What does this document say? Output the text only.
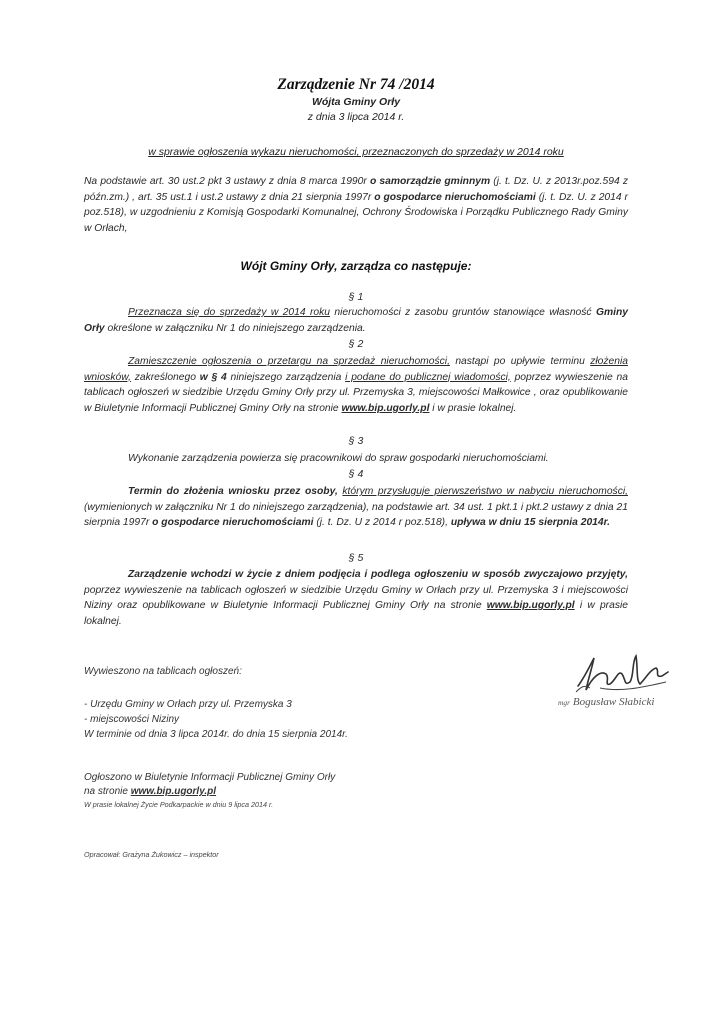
Zarządzenie Nr 74 /2014
Wójta Gminy Orły
z dnia 3 lipca 2014 r.
w sprawie ogłoszenia wykazu nieruchomości, przeznaczonych do sprzedaży w 2014 roku
Na podstawie art. 30 ust.2 pkt 3 ustawy z dnia 8 marca 1990r o samorządzie gminnym (j. t. Dz. U. z 2013r.poz.594 z późn.zm.) , art. 35 ust.1 i ust.2 ustawy z dnia 21 sierpnia 1997r o gospodarce nieruchomościami (j. t. Dz. U. z 2014 r poz.518), w uzgodnieniu z Komisją Gospodarki Komunalnej, Ochrony Środowiska i Porządku Publicznego Rady Gminy w Orłach,
Wójt Gminy Orły, zarządza co następuje:
§ 1
Przeznacza się do sprzedaży w 2014 roku nieruchomości z zasobu gruntów stanowiące własność Gminy Orły określone w załączniku Nr 1 do niniejszego zarządzenia.
§ 2
Zamieszczenie ogłoszenia o przetargu na sprzedaż nieruchomości, nastąpi po upływie terminu złożenia wniosków, zakreślonego w § 4 niniejszego zarządzenia i podane do publicznej wiadomości, poprzez wywieszenie na tablicach ogłoszeń w siedzibie Urzędu Gminy Orły przy ul. Przemyska 3, miejscowości Małkowice , oraz opublikowanie w Biuletynie Informacji Publicznej Gminy Orły na stronie www.bip.ugorly.pl i w prasie lokalnej.
§ 3
Wykonanie zarządzenia powierza się pracownikowi do spraw gospodarki nieruchomościami.
§ 4
Termin do złożenia wniosku przez osoby, którym przysługuje pierwszeństwo w nabyciu nieruchomości, (wymienionych w załączniku Nr 1 do niniejszego zarządzenia), na podstawie art. 34 ust. 1 pkt.1 i pkt.2 ustawy z dnia 21 sierpnia 1997r o gospodarce nieruchomościami (j. t. Dz. U z 2014 r poz.518), upływa w dniu 15 sierpnia 2014r.
§ 5
Zarządzenie wchodzi w życie z dniem podjęcia i podlega ogłoszeniu w sposób zwyczajowo przyjęty, poprzez wywieszenie na tablicach ogłoszeń w siedzibie Urzędu Gminy w Orłach przy ul. Przemyska 3 i miejscowości Niziny oraz opublikowane w Biuletynie Informacji Publicznej Gminy Orły na stronie www.bip.ugorly.pl i w prasie lokalnej.
Wywieszono na tablicach ogłoszeń:
- Urzędu Gminy w Orłach przy ul. Przemyska 3
- miejscowości Niziny
W terminie od dnia 3 lipca 2014r. do dnia 15 sierpnia 2014r.
Ogłoszono w Biuletynie Informacji Publicznej Gminy Orły
na stronie www.bip.ugorly.pl
W prasie lokalnej Życie Podkarpackie w dniu 9 lipca 2014 r.
Opracował: Grażyna Żukowicz – inspektor
mgr Bogusław Słabicki
